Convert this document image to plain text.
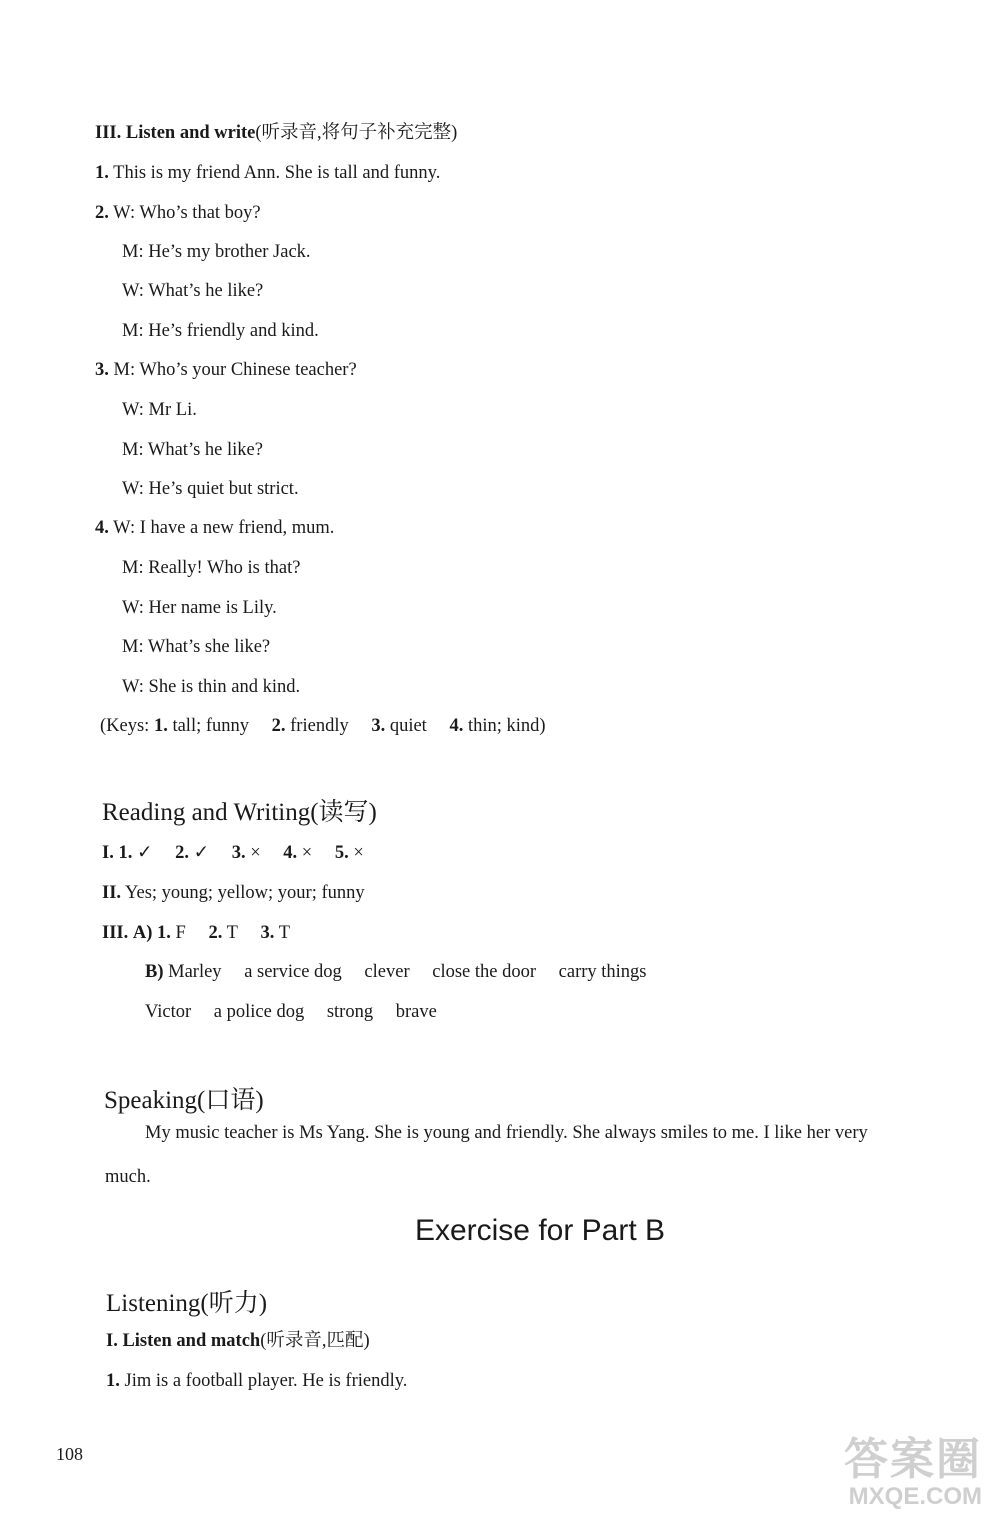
III. Listen and write(听录音,将句子补充完整)
1. This is my friend Ann. She is tall and funny.
2. W: Who’s that boy?
M: He’s my brother Jack.
W: What’s he like?
M: He’s friendly and kind.
3. M: Who’s your Chinese teacher?
W: Mr Li.
M: What’s he like?
W: He’s quiet but strict.
4. W: I have a new friend, mum.
M: Really! Who is that?
W: Her name is Lily.
M: What’s she like?
W: She is thin and kind.
(Keys: 1. tall; funny 2. friendly 3. quiet 4. thin; kind)
Reading and Writing(读写)
I. 1. ✓ 2. ✓ 3. × 4. × 5. ×
II. Yes; young; yellow; your; funny
III. A) 1. F 2. T 3. T
B) Marley a service dog clever close the door carry things
Victor a police dog strong brave
Speaking(口语)
My music teacher is Ms Yang. She is young and friendly. She always smiles to me. I like her very
much.
Exercise for Part B
Listening(听力)
I. Listen and match(听录音,匹配)
1. Jim is a football player. He is friendly.
108	答案圈
MXQE.COM
